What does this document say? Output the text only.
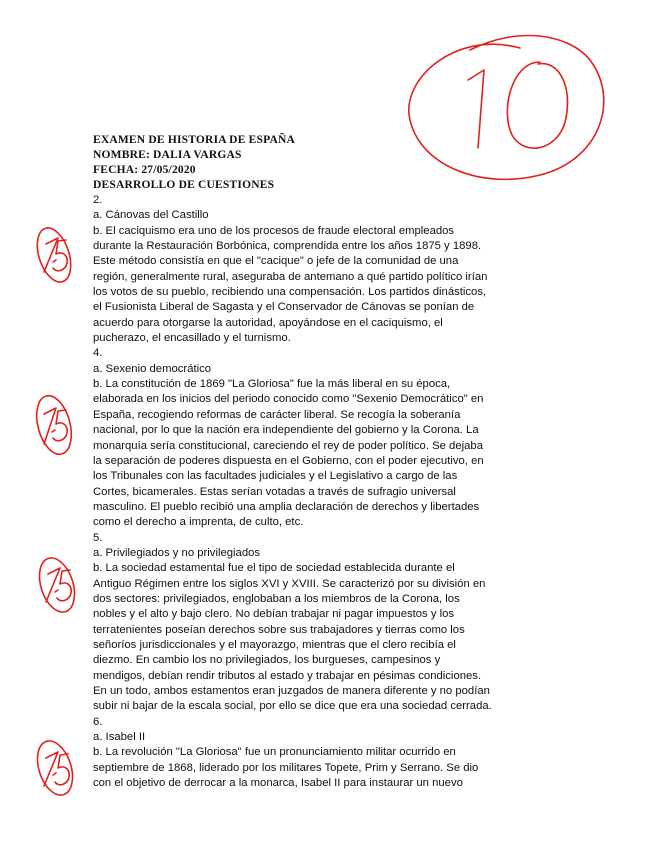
EXAMEN DE HISTORIA DE ESPAÑA
NOMBRE: DALIA VARGAS
FECHA: 27/05/2020
DESARROLLO DE CUESTIONES
2.
a. Cánovas del Castillo
b. El caciquismo era uno de los procesos de fraude electoral empleados
durante la Restauración Borbónica, comprendida entre los años 1875 y 1898.
Este método consistía en que el "cacique" o jefe de la comunidad de una
región, generalmente rural, aseguraba de antemano a qué partido político irían
los votos de su pueblo, recibiendo una compensación. Los partidos dinásticos,
el Fusionista Liberal de Sagasta y el Conservador de Cánovas se ponían de
acuerdo para otorgarse la autoridad, apoyándose en el caciquismo, el
pucherazo, el encasillado y el turnismo.
4.
a. Sexenio democrático
b. La constitución de 1869 "La Gloriosa" fue la más liberal en su época,
elaborada en los inicios del periodo conocido como "Sexenio Democrático" en
España, recogiendo reformas de carácter liberal. Se recogía la soberanía
nacional, por lo que la nación era independiente del gobierno y la Corona. La
monarquía sería constitucional, careciendo el rey de poder político. Se dejaba
la separación de poderes dispuesta en el Gobierno, con el poder ejecutivo, en
los Tribunales con las facultades judiciales y el Legislativo a cargo de las
Cortes, bicamerales. Estas serían votadas a través de sufragio universal
masculino. El pueblo recibió una amplia declaración de derechos y libertades
como el derecho a imprenta, de culto, etc.
5.
a. Privilegiados y no privilegiados
b. La sociedad estamental fue el tipo de sociedad establecida durante el
Antiguo Régimen entre los siglos XVI y XVIII. Se caracterizó por su división en
dos sectores: privilegiados, englobaban a los miembros de la Corona, los
nobles y el alto y bajo clero. No debían trabajar ni pagar impuestos y los
terratenientes poseían derechos sobre sus trabajadores y tierras como los
señoríos jurisdiccionales y el mayorazgo, mientras que el clero recibía el
diezmo. En cambio los no privilegiados, los burgueses, campesinos y
mendigos, debían rendir tributos al estado y trabajar en pésimas condiciones.
En un todo, ambos estamentos eran juzgados de manera diferente y no podían
subir ni bajar de la escala social, por ello se dice que era una sociedad cerrada.
6.
a. Isabel II
b. La revolución "La Gloriosa" fue un pronunciamiento militar ocurrido en
septiembre de 1868, liderado por los militares Topete, Prim y Serrano. Se dio
con el objetivo de derrocar a la monarca, Isabel II para instaurar un nuevo
